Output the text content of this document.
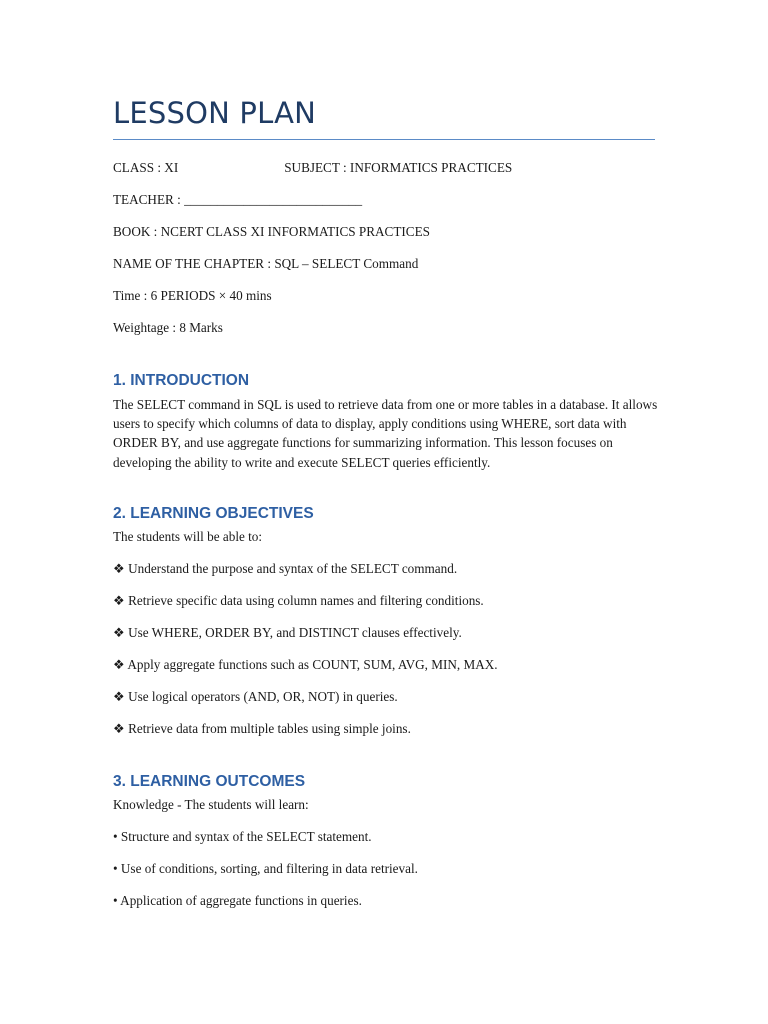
LESSON PLAN
CLASS : XI	SUBJECT : INFORMATICS PRACTICES
TEACHER : ___________________________
BOOK : NCERT CLASS XI INFORMATICS PRACTICES
NAME OF THE CHAPTER : SQL – SELECT Command
Time : 6 PERIODS × 40 mins
Weightage : 8 Marks
1. INTRODUCTION

The SELECT command in SQL is used to retrieve data from one or more tables in a database. It allows users to specify which columns of data to display, apply conditions using WHERE, sort data with ORDER BY, and use aggregate functions for summarizing information. This lesson focuses on developing the ability to write and execute SELECT queries efficiently.

2. LEARNING OBJECTIVES
The students will be able to:
❖ Understand the purpose and syntax of the SELECT command.
❖ Retrieve specific data using column names and filtering conditions.
❖ Use WHERE, ORDER BY, and DISTINCT clauses effectively.
❖ Apply aggregate functions such as COUNT, SUM, AVG, MIN, MAX.
❖ Use logical operators (AND, OR, NOT) in queries.
❖ Retrieve data from multiple tables using simple joins.
3. LEARNING OUTCOMES
Knowledge - The students will learn:
• Structure and syntax of the SELECT statement.
• Use of conditions, sorting, and filtering in data retrieval.
• Application of aggregate functions in queries.
